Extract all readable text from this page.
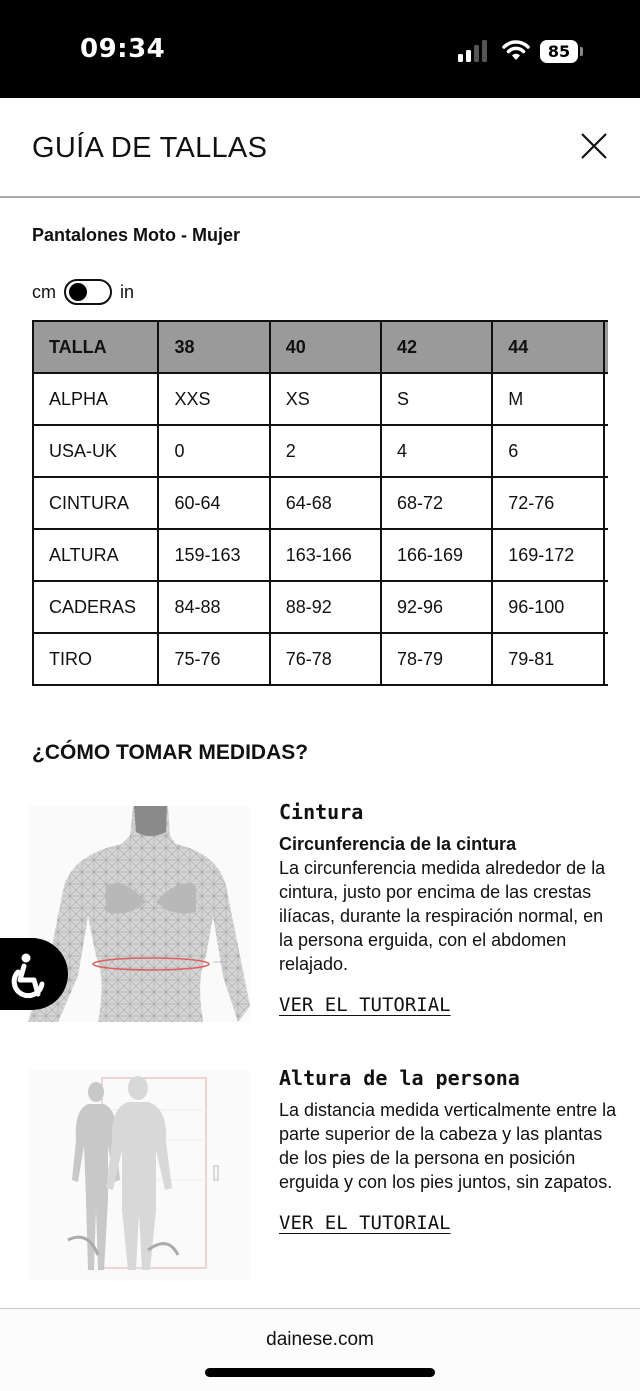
09:34	85
GUÍA DE TALLAS
Pantalones Moto - Mujer
cm	in
TALLA	38	40	42	44	
ALPHA	XXS	XS	S	M	
USA-UK	0	2	4	6	
CINTURA	60-64	64-68	68-72	72-76	
ALTURA	159-163	163-166	166-169	169-172	
CADERAS	84-88	88-92	92-96	96-100	
TIRO	75-76	76-78	78-79	79-81	
¿CÓMO TOMAR MEDIDAS?
Cintura
Circunferencia de la cintura
La circunferencia medida alrededor de la cintura, justo por encima de las crestas ilíacas, durante la respiración normal, en la persona erguida, con el abdomen relajado.
VER EL TUTORIAL
Altura de la persona
La distancia medida verticalmente entre la parte superior de la cabeza y las plantas de los pies de la persona en posición erguida y con los pies juntos, sin zapatos.
VER EL TUTORIAL
dainese.com
